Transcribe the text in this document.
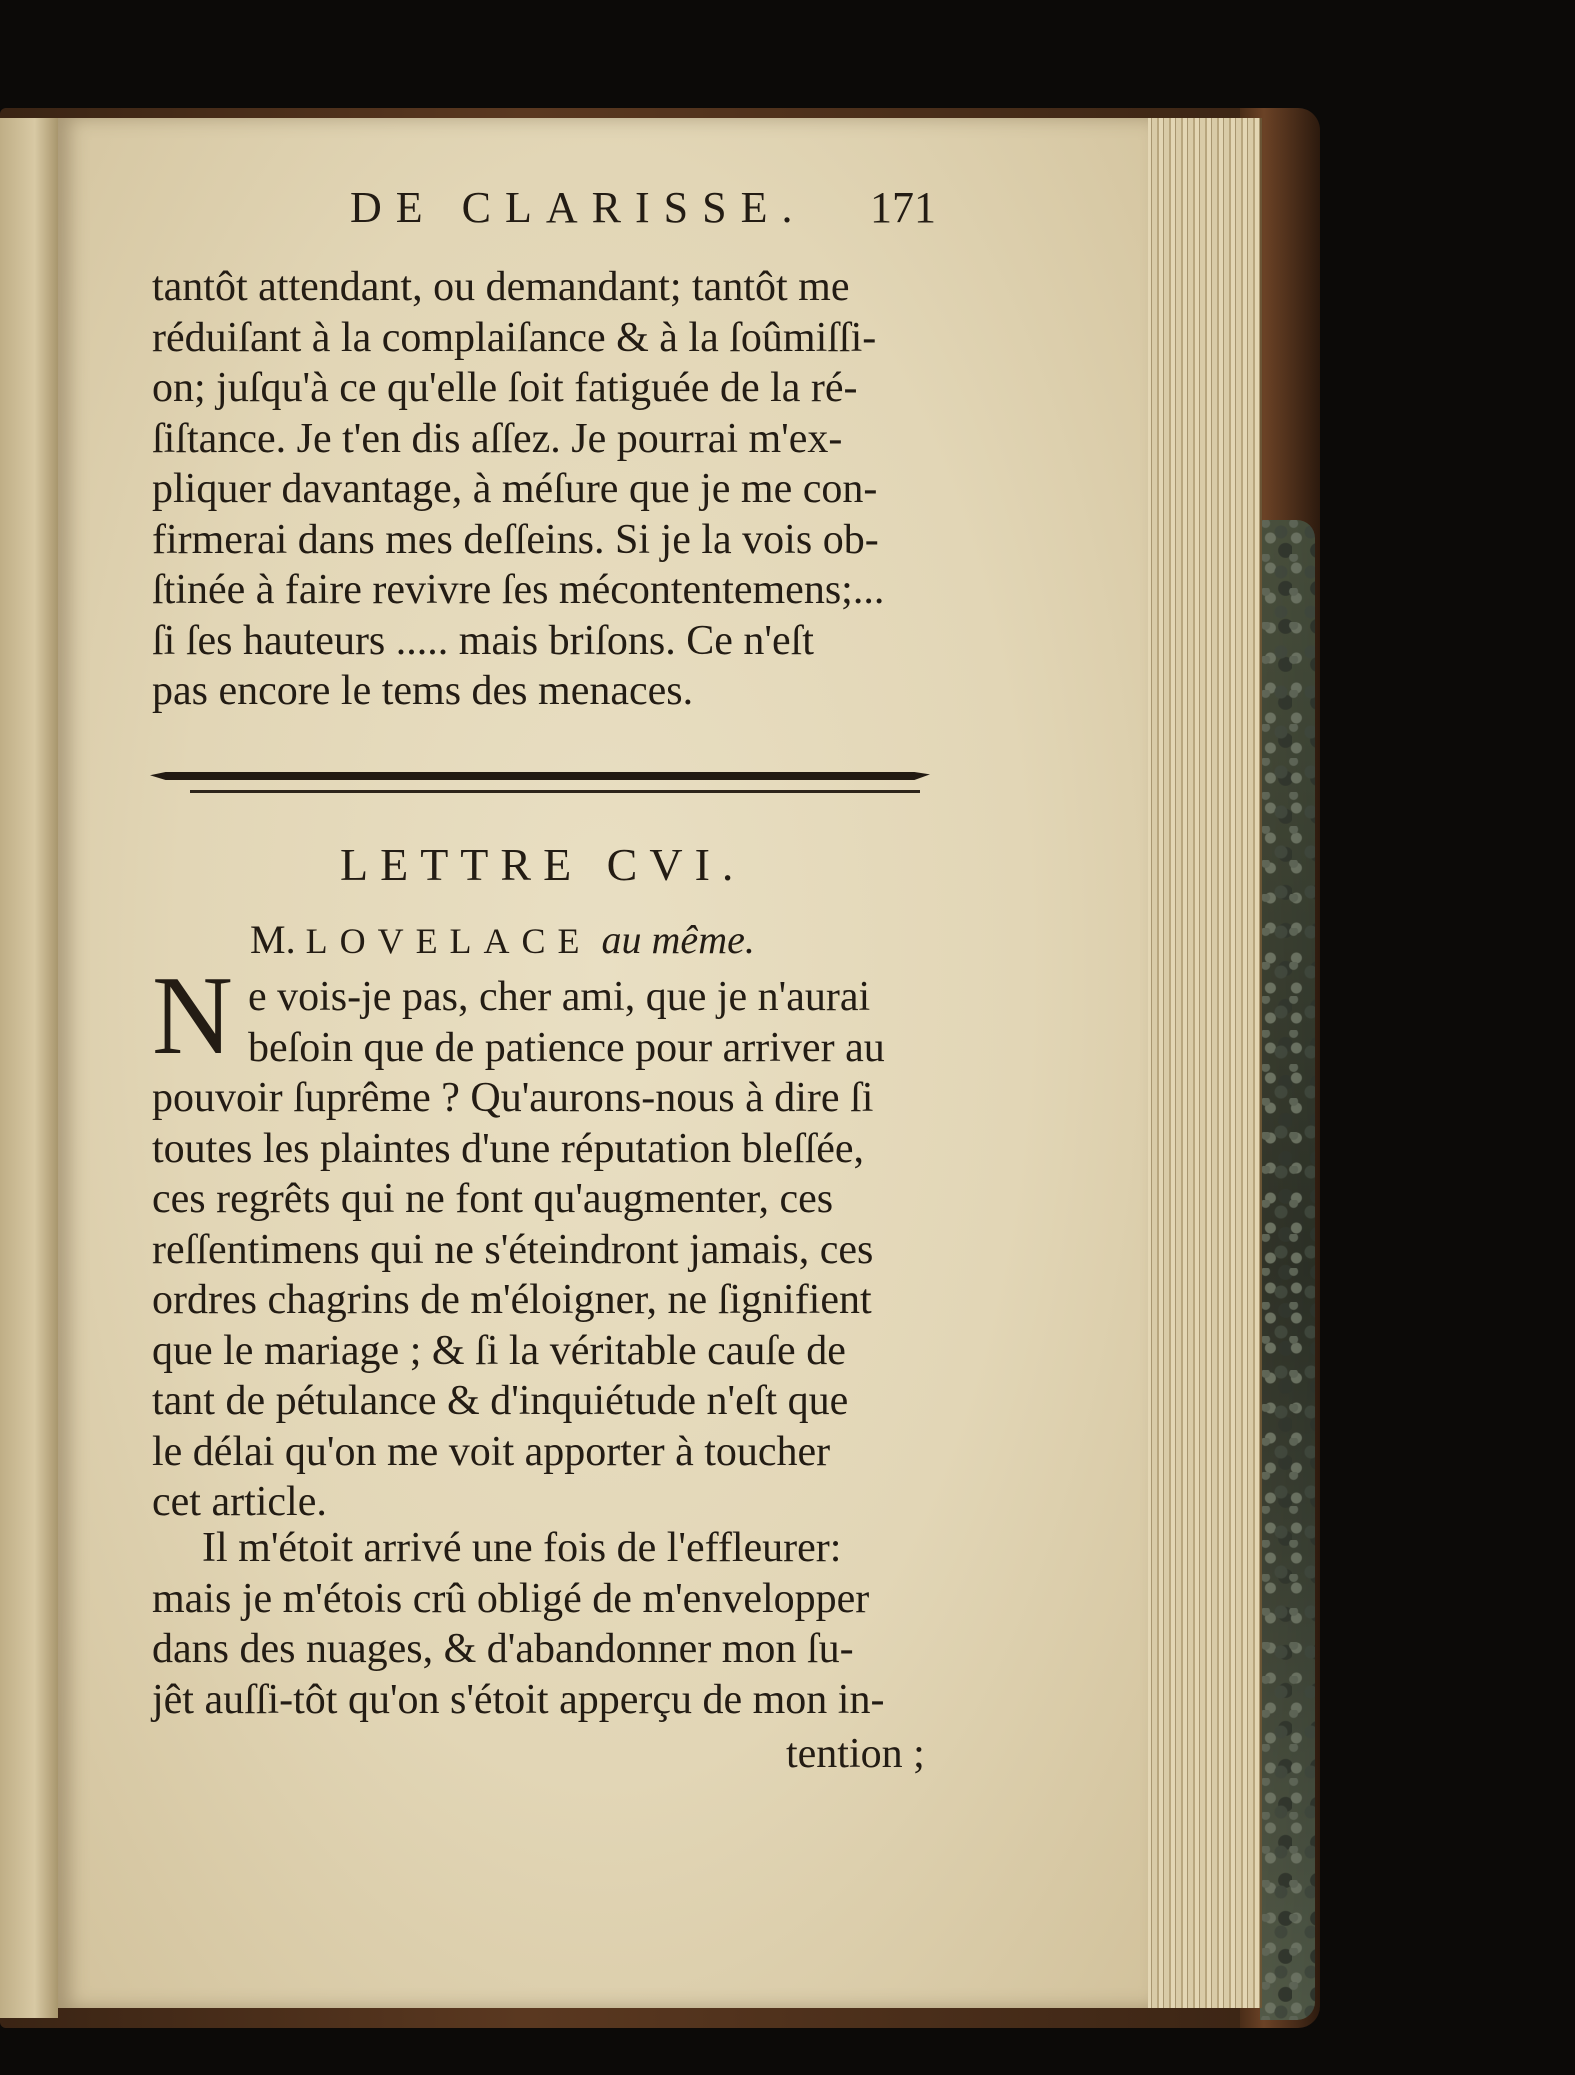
DE CLARISSE. 171
tantôt attendant, ou demandant; tantôt me
réduiſant à la complaiſance & à la ſoûmiſſi-
on; juſqu'à ce qu'elle ſoit fatiguée de la ré-
ſiſtance. Je t'en dis aſſez. Je pourrai m'ex-
pliquer davantage, à méſure que je me con-
firmerai dans mes deſſeins. Si je la vois ob-
ſtinée à faire revivre ſes mécontentemens;...
ſi ſes hauteurs ..... mais briſons. Ce n'eſt
pas encore le tems des menaces.
LETTRE CVI.
M. LOVELACE au même.
N e vois-je pas, cher ami, que je n'aurai
beſoin que de patience pour arriver au
pouvoir ſuprême ? Qu'aurons-nous à dire ſi
toutes les plaintes d'une réputation bleſſée,
ces regrêts qui ne font qu'augmenter, ces
reſſentimens qui ne s'éteindront jamais, ces
ordres chagrins de m'éloigner, ne ſignifient
que le mariage ; & ſi la véritable cauſe de
tant de pétulance & d'inquiétude n'eſt que
le délai qu'on me voit apporter à toucher
cet article.
Il m'étoit arrivé une fois de l'effleurer:
mais je m'étois crû obligé de m'envelopper
dans des nuages, & d'abandonner mon ſu-
jêt auſſi-tôt qu'on s'étoit apperçu de mon in-
tention ;
